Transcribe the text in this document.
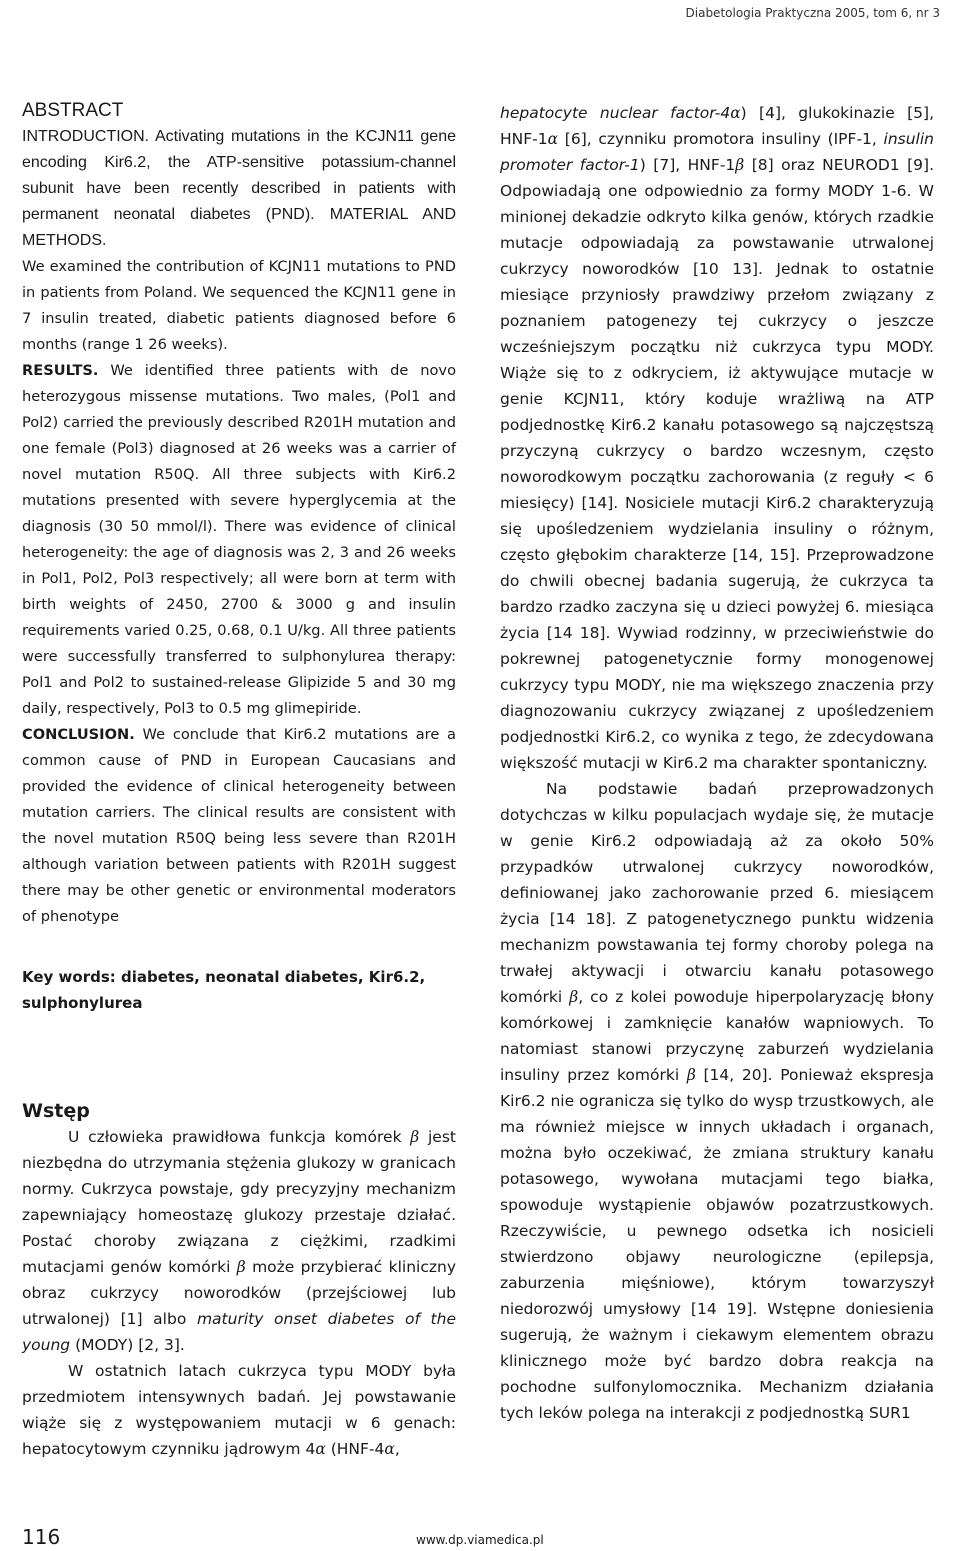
Diabetologia Praktyczna 2005, tom 6, nr 3
ABSTRACT

INTRODUCTION. Activating mutations in the KCJN11 gene encoding Kir6.2, the ATP-sensitive potassium-channel subunit have been recently described in patients with permanent neonatal diabetes (PND). MATERIAL AND METHODS.

We examined the contribution of KCJN11 mutations to PND in patients from Poland. We sequenced the KCJN11 gene in 7 insulin treated, diabetic patients diagnosed before 6 months (range 1 26 weeks).
RESULTS. We identified three patients with de novo heterozygous missense mutations. Two males, (Pol1 and Pol2) carried the previously described R201H mutation and one female (Pol3) diagnosed at 26 weeks was a carrier of novel mutation R50Q. All three subjects with Kir6.2 mutations presented with severe hyperglycemia at the diagnosis (30 50 mmol/l). There was evidence of clinical heterogeneity: the age of diagnosis was 2, 3 and 26 weeks in Pol1, Pol2, Pol3 respectively; all were born at term with birth weights of 2450, 2700 & 3000 g and insulin requirements varied 0.25, 0.68, 0.1 U/kg. All three patients were successfully transferred to sulphonylurea therapy: Pol1 and Pol2 to sustained-release Glipizide 5 and 30 mg daily, respectively, Pol3 to 0.5 mg glimepiride.
CONCLUSION. We conclude that Kir6.2 mutations are a common cause of PND in European Caucasians and provided the evidence of clinical heterogeneity between mutation carriers. The clinical results are consistent with the novel mutation R50Q being less severe than R201H although variation between patients with R201H suggest there may be other genetic or environmental moderators of phenotype

Key words: diabetes, neonatal diabetes, Kir6.2, sulphonylurea

Wstęp

U człowieka prawidłowa funkcja komórek β jest niezbędna do utrzymania stężenia glukozy w granicach normy. Cukrzyca powstaje, gdy precyzyjny mechanizm zapewniający homeostazę glukozy przestaje działać. Postać choroby związana z ciężkimi, rzadkimi mutacjami genów komórki β może przybierać kliniczny obraz cukrzycy noworodków (przejściowej lub utrwalonej) [1] albo maturity onset diabetes of the young (MODY) [2, 3].

W ostatnich latach cukrzyca typu MODY była przedmiotem intensywnych badań. Jej powstawanie wiąże się z występowaniem mutacji w 6 genach: hepatocytowym czynniku jądrowym 4α (HNF-4α,

hepatocyte nuclear factor-4α) [4], glukokinazie [5], HNF-1α [6], czynniku promotora insuliny (IPF-1, insulin promoter factor-1) [7], HNF-1β [8] oraz NEUROD1 [9]. Odpowiadają one odpowiednio za formy MODY 1-6. W minionej dekadzie odkryto kilka genów, których rzadkie mutacje odpowiadają za powstawanie utrwalonej cukrzycy noworodków [10 13]. Jednak to ostatnie miesiące przyniosły prawdziwy przełom związany z poznaniem patogenezy tej cukrzycy o jeszcze wcześniejszym początku niż cukrzyca typu MODY. Wiąże się to z odkryciem, iż aktywujące mutacje w genie KCJN11, który koduje wrażliwą na ATP podjednostkę Kir6.2 kanału potasowego są najczęstszą przyczyną cukrzycy o bardzo wczesnym, często noworodkowym początku zachorowania (z reguły < 6 miesięcy) [14]. Nosiciele mutacji Kir6.2 charakteryzują się upośledzeniem wydzielania insuliny o różnym, często głębokim charakterze [14, 15]. Przeprowadzone do chwili obecnej badania sugerują, że cukrzyca ta bardzo rzadko zaczyna się u dzieci powyżej 6. miesiąca życia [14 18]. Wywiad rodzinny, w przeciwieństwie do pokrewnej patogenetycznie formy monogenowej cukrzycy typu MODY, nie ma większego znaczenia przy diagnozowaniu cukrzycy związanej z upośledzeniem podjednostki Kir6.2, co wynika z tego, że zdecydowana większość mutacji w Kir6.2 ma charakter spontaniczny.

Na podstawie badań przeprowadzonych dotychczas w kilku populacjach wydaje się, że mutacje w genie Kir6.2 odpowiadają aż za około 50% przypadków utrwalonej cukrzycy noworodków, definiowanej jako zachorowanie przed 6. miesiącem życia [14 18]. Z patogenetycznego punktu widzenia mechanizm powstawania tej formy choroby polega na trwałej aktywacji i otwarciu kanału potasowego komórki β, co z kolei powoduje hiperpolaryzację błony komórkowej i zamknięcie kanałów wapniowych. To natomiast stanowi przyczynę zaburzeń wydzielania insuliny przez komórki β [14, 20]. Ponieważ ekspresja Kir6.2 nie ogranicza się tylko do wysp trzustkowych, ale ma również miejsce w innych układach i organach, można było oczekiwać, że zmiana struktury kanału potasowego, wywołana mutacjami tego białka, spowoduje wystąpienie objawów pozatrzustkowych. Rzeczywiście, u pewnego odsetka ich nosicieli stwierdzono objawy neurologiczne (epilepsja, zaburzenia mięśniowe), którym towarzyszył niedorozwój umysłowy [14 19]. Wstępne doniesienia sugerują, że ważnym i ciekawym elementem obrazu klinicznego może być bardzo dobra reakcja na pochodne sulfonylomocznika. Mechanizm działania tych leków polega na interakcji z podjednostką SUR1

116	www.dp.viamedica.pl
